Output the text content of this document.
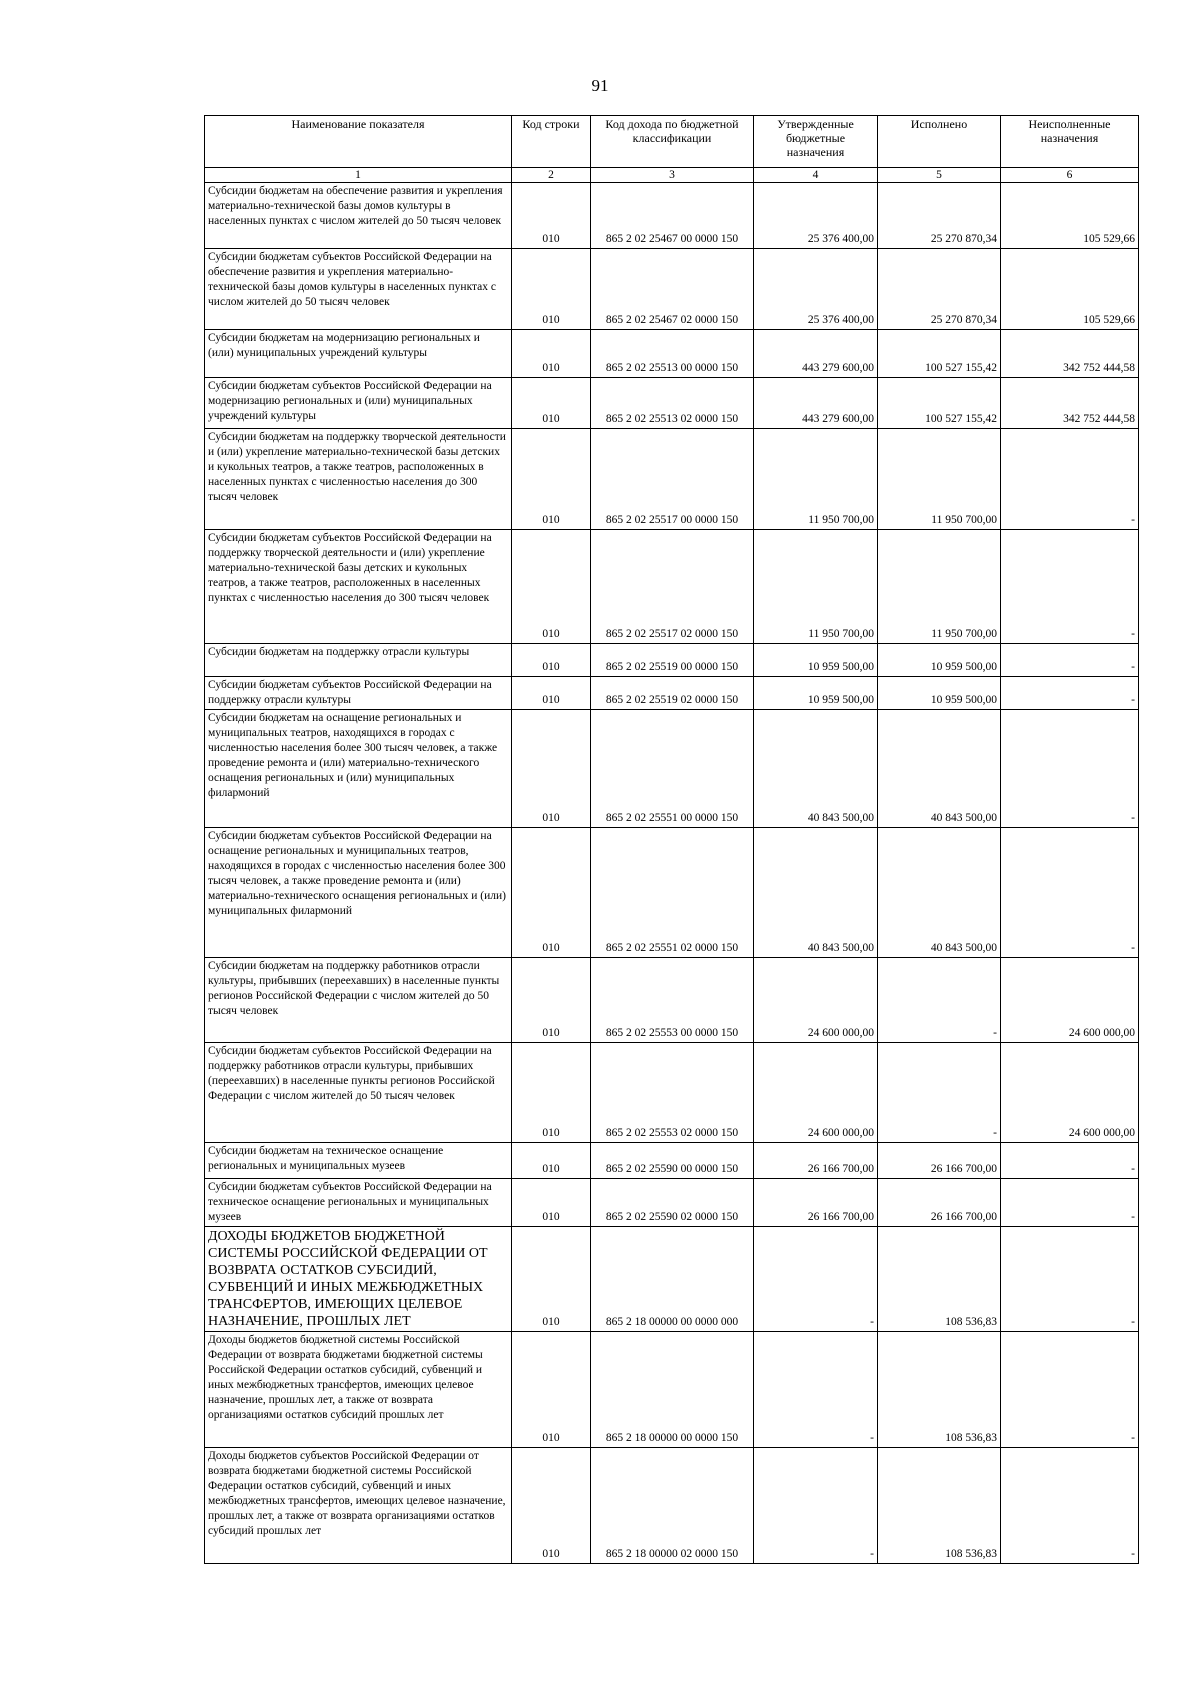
91
Наименование показателя	Код строки	Код дохода по бюджетной классификации	Утвержденные бюджетные назначения	Исполнено	Неисполненные назначения
1	2	3	4	5	6
Субсидии бюджетам на обеспечение развития и укрепления материально-технической базы домов культуры в населенных пунктах с числом жителей до 50 тысяч человек	010	865 2 02 25467 00 0000 150	25 376 400,00	25 270 870,34	105 529,66
Субсидии бюджетам субъектов Российской Федерации на обеспечение развития и укрепления материально-технической базы домов культуры в населенных пунктах с числом жителей до 50 тысяч человек	010	865 2 02 25467 02 0000 150	25 376 400,00	25 270 870,34	105 529,66
Субсидии бюджетам на модернизацию региональных и (или) муниципальных учреждений культуры	010	865 2 02 25513 00 0000 150	443 279 600,00	100 527 155,42	342 752 444,58
Субсидии бюджетам субъектов Российской Федерации на модернизацию региональных и (или) муниципальных учреждений культуры	010	865 2 02 25513 02 0000 150	443 279 600,00	100 527 155,42	342 752 444,58
Субсидии бюджетам на поддержку творческой деятельности и (или) укрепление материально-технической базы детских и кукольных театров, а также театров, расположенных в населенных пунктах с численностью населения до 300 тысяч человек	010	865 2 02 25517 00 0000 150	11 950 700,00	11 950 700,00	-
Субсидии бюджетам субъектов Российской Федерации на поддержку творческой деятельности и (или) укрепление материально-технической базы детских и кукольных театров, а также театров, расположенных в населенных пунктах с численностью населения до 300 тысяч человек	010	865 2 02 25517 02 0000 150	11 950 700,00	11 950 700,00	-
Субсидии бюджетам на поддержку отрасли культуры	010	865 2 02 25519 00 0000 150	10 959 500,00	10 959 500,00	-
Субсидии бюджетам субъектов Российской Федерации на поддержку отрасли культуры	010	865 2 02 25519 02 0000 150	10 959 500,00	10 959 500,00	-
Субсидии бюджетам на оснащение региональных и муниципальных театров, находящихся в городах с численностью населения более 300 тысяч человек, а также проведение ремонта и (или) материально-технического оснащения региональных и (или) муниципальных филармоний	010	865 2 02 25551 00 0000 150	40 843 500,00	40 843 500,00	-
Субсидии бюджетам субъектов Российской Федерации на оснащение региональных и муниципальных театров, находящихся в городах с численностью населения более 300 тысяч человек, а также проведение ремонта и (или) материально-технического оснащения региональных и (или) муниципальных филармоний	010	865 2 02 25551 02 0000 150	40 843 500,00	40 843 500,00	-
Субсидии бюджетам на поддержку работников отрасли культуры, прибывших (переехавших) в населенные пункты регионов Российской Федерации с числом жителей до 50 тысяч человек	010	865 2 02 25553 00 0000 150	24 600 000,00	-	24 600 000,00
Субсидии бюджетам субъектов Российской Федерации на поддержку работников отрасли культуры, прибывших (переехавших) в населенные пункты регионов Российской Федерации с числом жителей до 50 тысяч человек	010	865 2 02 25553 02 0000 150	24 600 000,00	-	24 600 000,00
Субсидии бюджетам на техническое оснащение региональных и муниципальных музеев	010	865 2 02 25590 00 0000 150	26 166 700,00	26 166 700,00	-
Субсидии бюджетам субъектов Российской Федерации на техническое оснащение региональных и муниципальных музеев	010	865 2 02 25590 02 0000 150	26 166 700,00	26 166 700,00	-
ДОХОДЫ БЮДЖЕТОВ БЮДЖЕТНОЙ СИСТЕМЫ РОССИЙСКОЙ ФЕДЕРАЦИИ ОТ ВОЗВРАТА ОСТАТКОВ СУБСИДИЙ, СУБВЕНЦИЙ И ИНЫХ МЕЖБЮДЖЕТНЫХ ТРАНСФЕРТОВ, ИМЕЮЩИХ ЦЕЛЕВОЕ НАЗНАЧЕНИЕ, ПРОШЛЫХ ЛЕТ	010	865 2 18 00000 00 0000 000	-	108 536,83	-
Доходы бюджетов бюджетной системы Российской Федерации от возврата бюджетами бюджетной системы Российской Федерации остатков субсидий, субвенций и иных межбюджетных трансфертов, имеющих целевое назначение, прошлых лет, а также от возврата организациями остатков субсидий прошлых лет	010	865 2 18 00000 00 0000 150	-	108 536,83	-
Доходы бюджетов субъектов Российской Федерации от возврата бюджетами бюджетной системы Российской Федерации остатков субсидий, субвенций и иных межбюджетных трансфертов, имеющих целевое назначение, прошлых лет, а также от возврата организациями остатков субсидий прошлых лет	010	865 2 18 00000 02 0000 150	-	108 536,83	-
